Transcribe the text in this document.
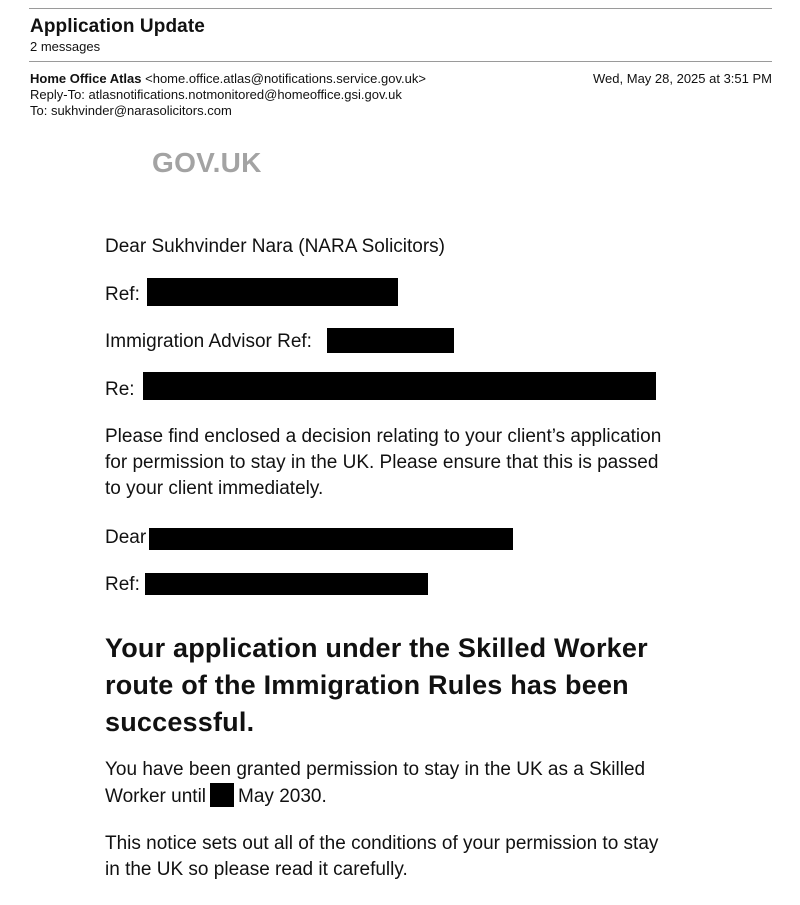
Application Update
2 messages
Home Office Atlas <home.office.atlas@notifications.service.gov.uk>	Wed, May 28, 2025 at 3:51 PM
Reply-To: atlasnotifications.notmonitored@homeoffice.gsi.gov.uk
To: sukhvinder@narasolicitors.com
GOV.UK
Dear Sukhvinder Nara (NARA Solicitors)
Ref:
Immigration Advisor Ref:
Re:
Please find enclosed a decision relating to your client’s application
for permission to stay in the UK. Please ensure that this is passed
to your client immediately.
Dear
Ref:
Your application under the Skilled Worker
route of the Immigration Rules has been
successful.
You have been granted permission to stay in the UK as a Skilled
Worker until May 2030.
This notice sets out all of the conditions of your permission to stay
in the UK so please read it carefully.
